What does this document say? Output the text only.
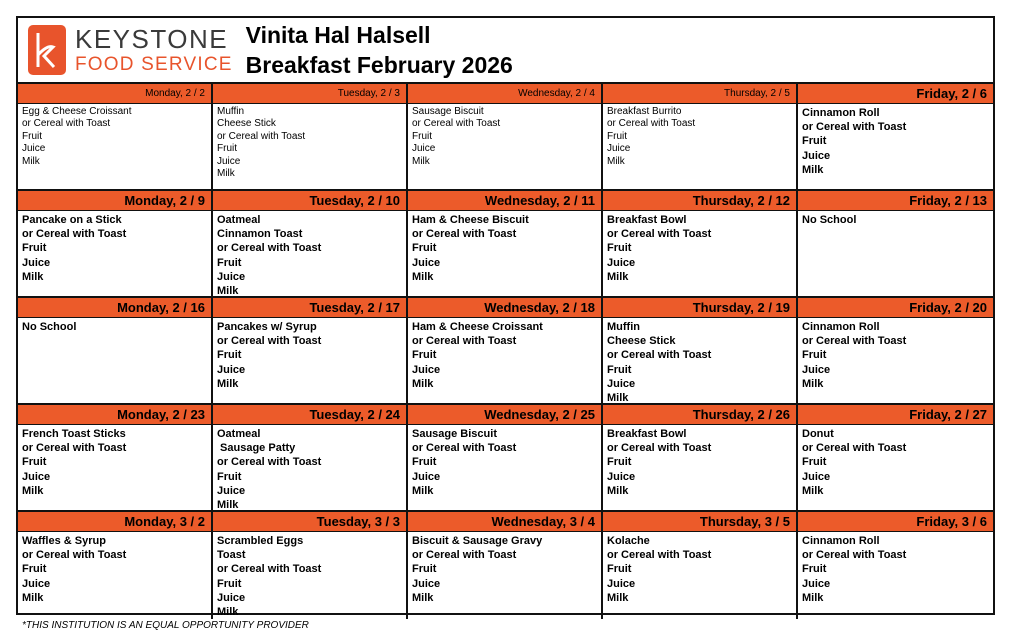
KEYSTONE
FOOD SERVICE
Vinita Hal Halsell
Breakfast February 2026
Monday, 2 / 2
Egg & Cheese Croissant
or Cereal with Toast
Fruit
Juice
Milk
Tuesday, 2 / 3
Muffin
Cheese Stick
or Cereal with Toast
Fruit
Juice
Milk
Wednesday, 2 / 4
Sausage Biscuit
or Cereal with Toast
Fruit
Juice
Milk
Thursday, 2 / 5
Breakfast Burrito
or Cereal with Toast
Fruit
Juice
Milk
Friday, 2 / 6
Cinnamon Roll
or Cereal with Toast
Fruit
Juice
Milk
Monday, 2 / 9
Pancake on a Stick
or Cereal with Toast
Fruit
Juice
Milk
Tuesday, 2 / 10
Oatmeal
Cinnamon Toast
or Cereal with Toast
Fruit
Juice
Milk
Wednesday, 2 / 11
Ham & Cheese Biscuit
or Cereal with Toast
Fruit
Juice
Milk
Thursday, 2 / 12
Breakfast Bowl
or Cereal with Toast
Fruit
Juice
Milk
Friday, 2 / 13
No School
Monday, 2 / 16
No School
Tuesday, 2 / 17
Pancakes w/ Syrup
or Cereal with Toast
Fruit
Juice
Milk
Wednesday, 2 / 18
Ham & Cheese Croissant
or Cereal with Toast
Fruit
Juice
Milk
Thursday, 2 / 19
Muffin
Cheese Stick
or Cereal with Toast
Fruit
Juice
Milk
Friday, 2 / 20
Cinnamon Roll
or Cereal with Toast
Fruit
Juice
Milk
Monday, 2 / 23
French Toast Sticks
or Cereal with Toast
Fruit
Juice
Milk
Tuesday, 2 / 24
Oatmeal
Sausage Patty
or Cereal with Toast
Fruit
Juice
Milk
Wednesday, 2 / 25
Sausage Biscuit
or Cereal with Toast
Fruit
Juice
Milk
Thursday, 2 / 26
Breakfast Bowl
or Cereal with Toast
Fruit
Juice
Milk
Friday, 2 / 27
Donut
or Cereal with Toast
Fruit
Juice
Milk
Monday, 3 / 2
Waffles & Syrup
or Cereal with Toast
Fruit
Juice
Milk
Tuesday, 3 / 3
Scrambled Eggs
Toast
or Cereal with Toast
Fruit
Juice
Milk
Wednesday, 3 / 4
Biscuit & Sausage Gravy
or Cereal with Toast
Fruit
Juice
Milk
Thursday, 3 / 5
Kolache
or Cereal with Toast
Fruit
Juice
Milk
Friday, 3 / 6
Cinnamon Roll
or Cereal with Toast
Fruit
Juice
Milk
*THIS INSTITUTION IS AN EQUAL OPPORTUNITY PROVIDER
